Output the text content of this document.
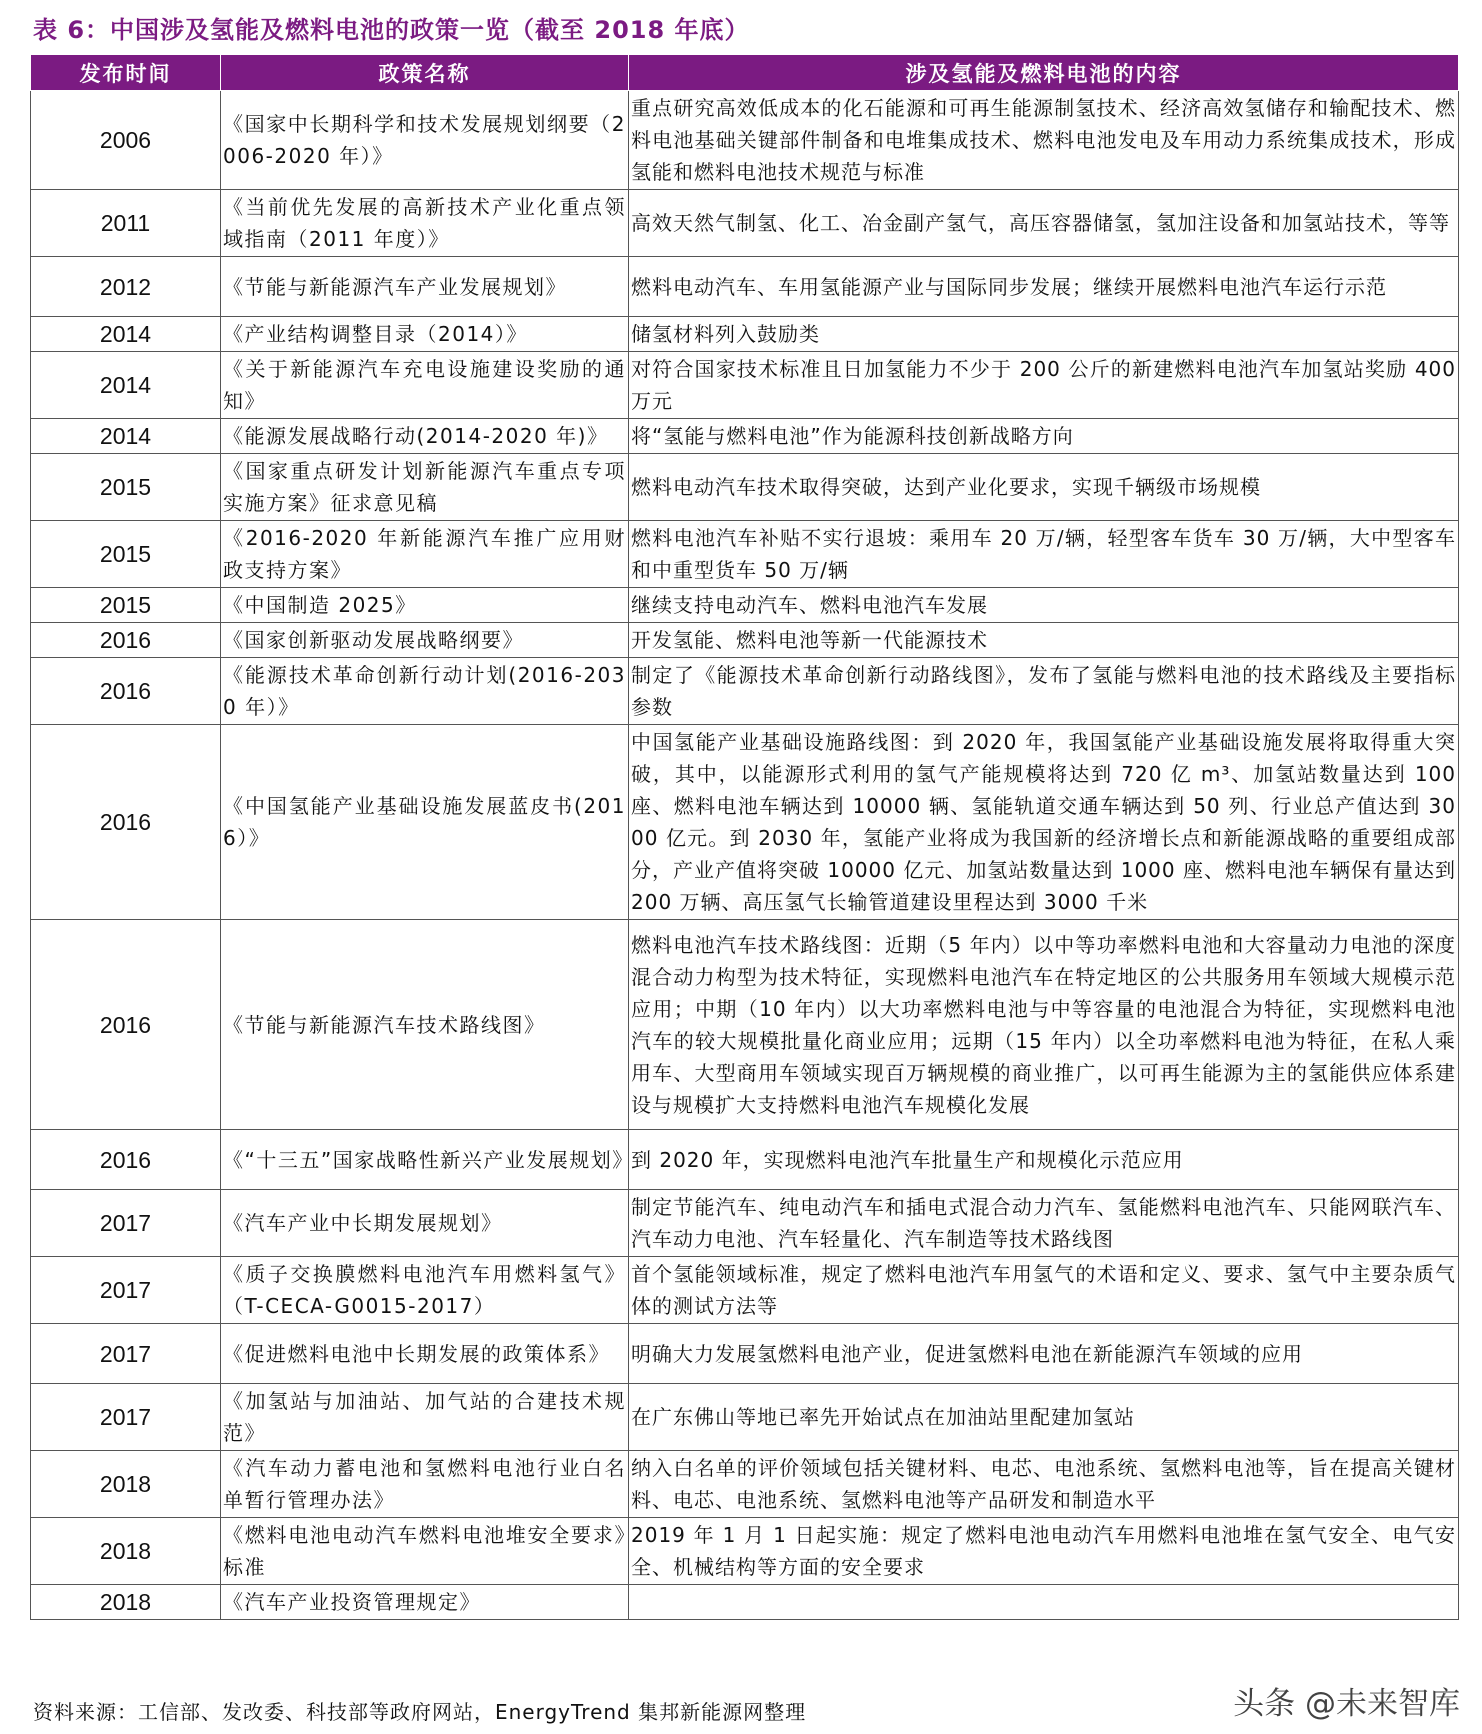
表 6：中国涉及氢能及燃料电池的政策一览（截至 2018 年底）
发布时间	政策名称	涉及氢能及燃料电池的内容
2006	《国家中长期科学和技术发展规划纲要（2006-2020 年）》	重点研究高效低成本的化石能源和可再生能源制氢技术、经济高效氢储存和输配技术、燃料电池基础关键部件制备和电堆集成技术、燃料电池发电及车用动力系统集成技术，形成氢能和燃料电池技术规范与标准
2011	《当前优先发展的高新技术产业化重点领域指南（2011 年度）》	高效天然气制氢、化工、冶金副产氢气，高压容器储氢，氢加注设备和加氢站技术，等等
2012	《节能与新能源汽车产业发展规划》	燃料电动汽车、车用氢能源产业与国际同步发展；继续开展燃料电池汽车运行示范
2014	《产业结构调整目录（2014）》	储氢材料列入鼓励类
2014	《关于新能源汽车充电设施建设奖励的通知》	对符合国家技术标准且日加氢能力不少于 200 公斤的新建燃料电池汽车加氢站奖励 400 万元
2014	《能源发展战略行动(2014-2020 年)》	将“氢能与燃料电池”作为能源科技创新战略方向
2015	《国家重点研发计划新能源汽车重点专项实施方案》征求意见稿	燃料电动汽车技术取得突破，达到产业化要求，实现千辆级市场规模
2015	《2016-2020 年新能源汽车推广应用财政支持方案》	燃料电池汽车补贴不实行退坡：乘用车 20 万/辆，轻型客车货车 30 万/辆，大中型客车和中重型货车 50 万/辆
2015	《中国制造 2025》	继续支持电动汽车、燃料电池汽车发展
2016	《国家创新驱动发展战略纲要》	开发氢能、燃料电池等新一代能源技术
2016	《能源技术革命创新行动计划(2016-2030 年）》	制定了《能源技术革命创新行动路线图》，发布了氢能与燃料电池的技术路线及主要指标参数
2016	《中国氢能产业基础设施发展蓝皮书(2016）》	中国氢能产业基础设施路线图：到 2020 年，我国氢能产业基础设施发展将取得重大突破，其中，以能源形式利用的氢气产能规模将达到 720 亿 m³、加氢站数量达到 100 座、燃料电池车辆达到 10000 辆、氢能轨道交通车辆达到 50 列、行业总产值达到 3000 亿元。到 2030 年，氢能产业将成为我国新的经济增长点和新能源战略的重要组成部分，产业产值将突破 10000 亿元、加氢站数量达到 1000 座、燃料电池车辆保有量达到 200 万辆、高压氢气长输管道建设里程达到 3000 千米
2016	《节能与新能源汽车技术路线图》	燃料电池汽车技术路线图：近期（5 年内）以中等功率燃料电池和大容量动力电池的深度混合动力构型为技术特征，实现燃料电池汽车在特定地区的公共服务用车领域大规模示范应用；中期（10 年内）以大功率燃料电池与中等容量的电池混合为特征，实现燃料电池汽车的较大规模批量化商业应用；远期（15 年内）以全功率燃料电池为特征，在私人乘用车、大型商用车领域实现百万辆规模的商业推广，以可再生能源为主的氢能供应体系建设与规模扩大支持燃料电池汽车规模化发展
2016	《“十三五”国家战略性新兴产业发展规划》	到 2020 年，实现燃料电池汽车批量生产和规模化示范应用
2017	《汽车产业中长期发展规划》	制定节能汽车、纯电动汽车和插电式混合动力汽车、氢能燃料电池汽车、只能网联汽车、汽车动力电池、汽车轻量化、汽车制造等技术路线图
2017	《质子交换膜燃料电池汽车用燃料氢气》（T-CECA-G0015-2017）	首个氢能领域标准，规定了燃料电池汽车用氢气的术语和定义、要求、氢气中主要杂质气体的测试方法等
2017	《促进燃料电池中长期发展的政策体系》	明确大力发展氢燃料电池产业，促进氢燃料电池在新能源汽车领域的应用
2017	《加氢站与加油站、加气站的合建技术规范》	在广东佛山等地已率先开始试点在加油站里配建加氢站
2018	《汽车动力蓄电池和氢燃料电池行业白名单暂行管理办法》	纳入白名单的评价领域包括关键材料、电芯、电池系统、氢燃料电池等，旨在提高关键材料、电芯、电池系统、氢燃料电池等产品研发和制造水平
2018	《燃料电池电动汽车燃料电池堆安全要求》标准	2019 年 1 月 1 日起实施：规定了燃料电池电动汽车用燃料电池堆在氢气安全、电气安全、机械结构等方面的安全要求
2018	《汽车产业投资管理规定》	
资料来源：工信部、发改委、科技部等政府网站，EnergyTrend 集邦新能源网整理	头条 @未来智库
